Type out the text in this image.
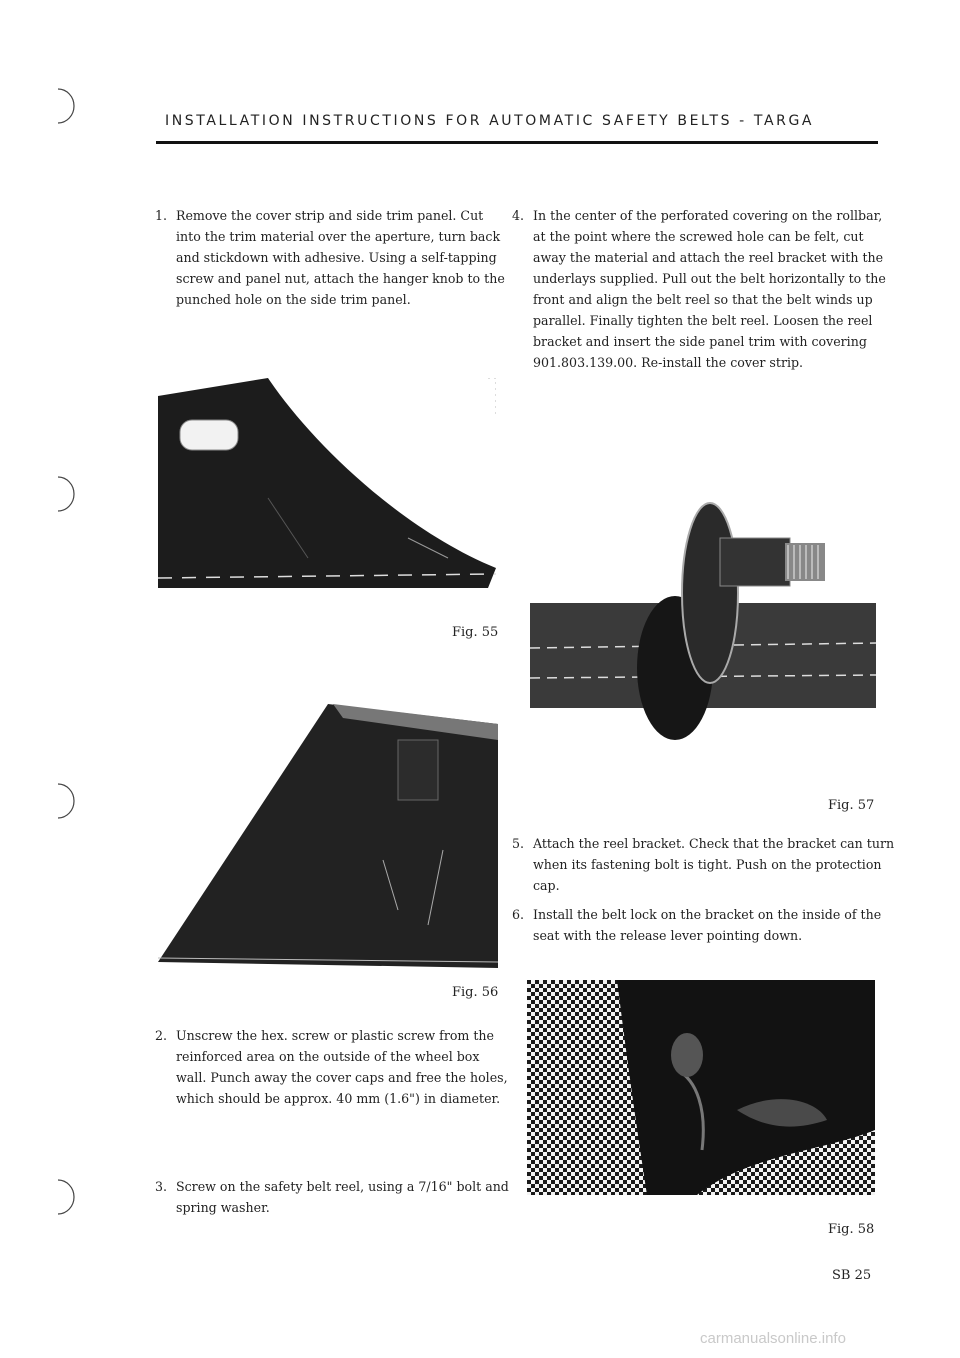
INSTALLATION INSTRUCTIONS FOR AUTOMATIC SAFETY BELTS - TARGA
1. Remove the cover strip and side trim panel. Cut into the trim material over the aperture, turn back and stickdown with adhesive. Using a self-tapping screw and panel nut, attach the hanger knob to the punched hole on the side trim panel.
Fig. 55
Fig. 56
2. Unscrew the hex. screw or plastic screw from the reinforced area on the outside of the wheel box wall. Punch away the cover caps and free the holes, which should be approx. 40 mm (1.6") in diameter.
3. Screw on the safety belt reel, using a 7/16" bolt and spring washer.
4. In the center of the perforated covering on the rollbar, at the point where the screwed hole can be felt, cut away the material and attach the reel bracket with the underlays supplied. Pull out the belt horizontally to the front and align the belt reel so that the belt winds up parallel. Finally tighten the belt reel. Loosen the reel bracket and insert the side panel trim with covering 901.803.139.00. Re-install the cover strip.
Fig. 57
5. Attach the reel bracket. Check that the bracket can turn when its fastening bolt is tight. Push on the protection cap.
6. Install the belt lock on the bracket on the inside of the seat with the release lever pointing down.
Fig. 58
SB 25
carmanualsonline.info
